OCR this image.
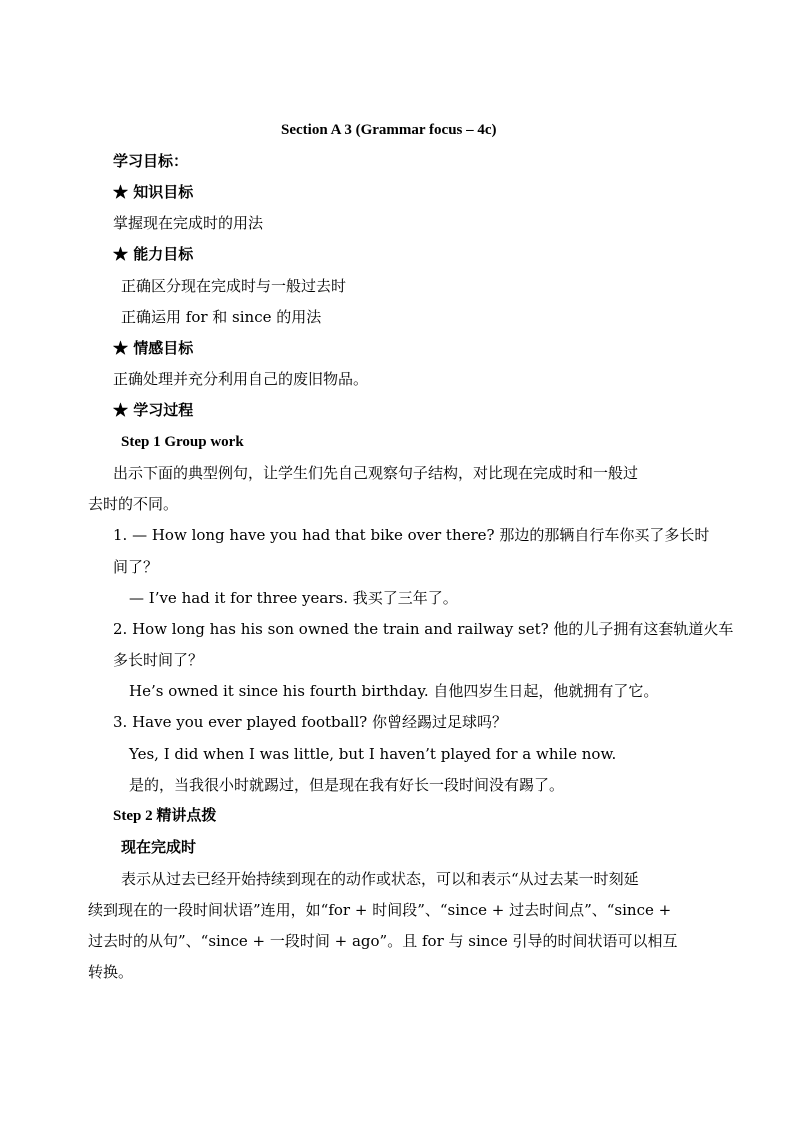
Section A 3 (Grammar focus – 4c)
学习目标：
★ 知识目标
掌握现在完成时的用法
★ 能力目标
正确区分现在完成时与一般过去时
正确运用 for 和 since 的用法
★ 情感目标
正确处理并充分利用自己的废旧物品。
★ 学习过程
Step 1 Group work
出示下面的典型例句，让学生们先自己观察句子结构，对比现在完成时和一般过
去时的不同。
1. — How long have you had that bike over there? 那边的那辆自行车你买了多长时
间了？
— I’ve had it for three years. 我买了三年了。
2. How long has his son owned the train and railway set? 他的儿子拥有这套轨道火车
多长时间了？
He’s owned it since his fourth birthday. 自他四岁生日起，他就拥有了它。
3. Have you ever played football? 你曾经踢过足球吗？
Yes, I did when I was little, but I haven’t played for a while now.
是的，当我很小时就踢过，但是现在我有好长一段时间没有踢了。
Step 2 精讲点拨
现在完成时
表示从过去已经开始持续到现在的动作或状态，可以和表示“从过去某一时刻延
续到现在的一段时间状语”连用，如“for + 时间段”、“since + 过去时间点”、“since +
过去时的从句”、“since + 一段时间 + ago”。且 for 与 since 引导的时间状语可以相互
转换。
